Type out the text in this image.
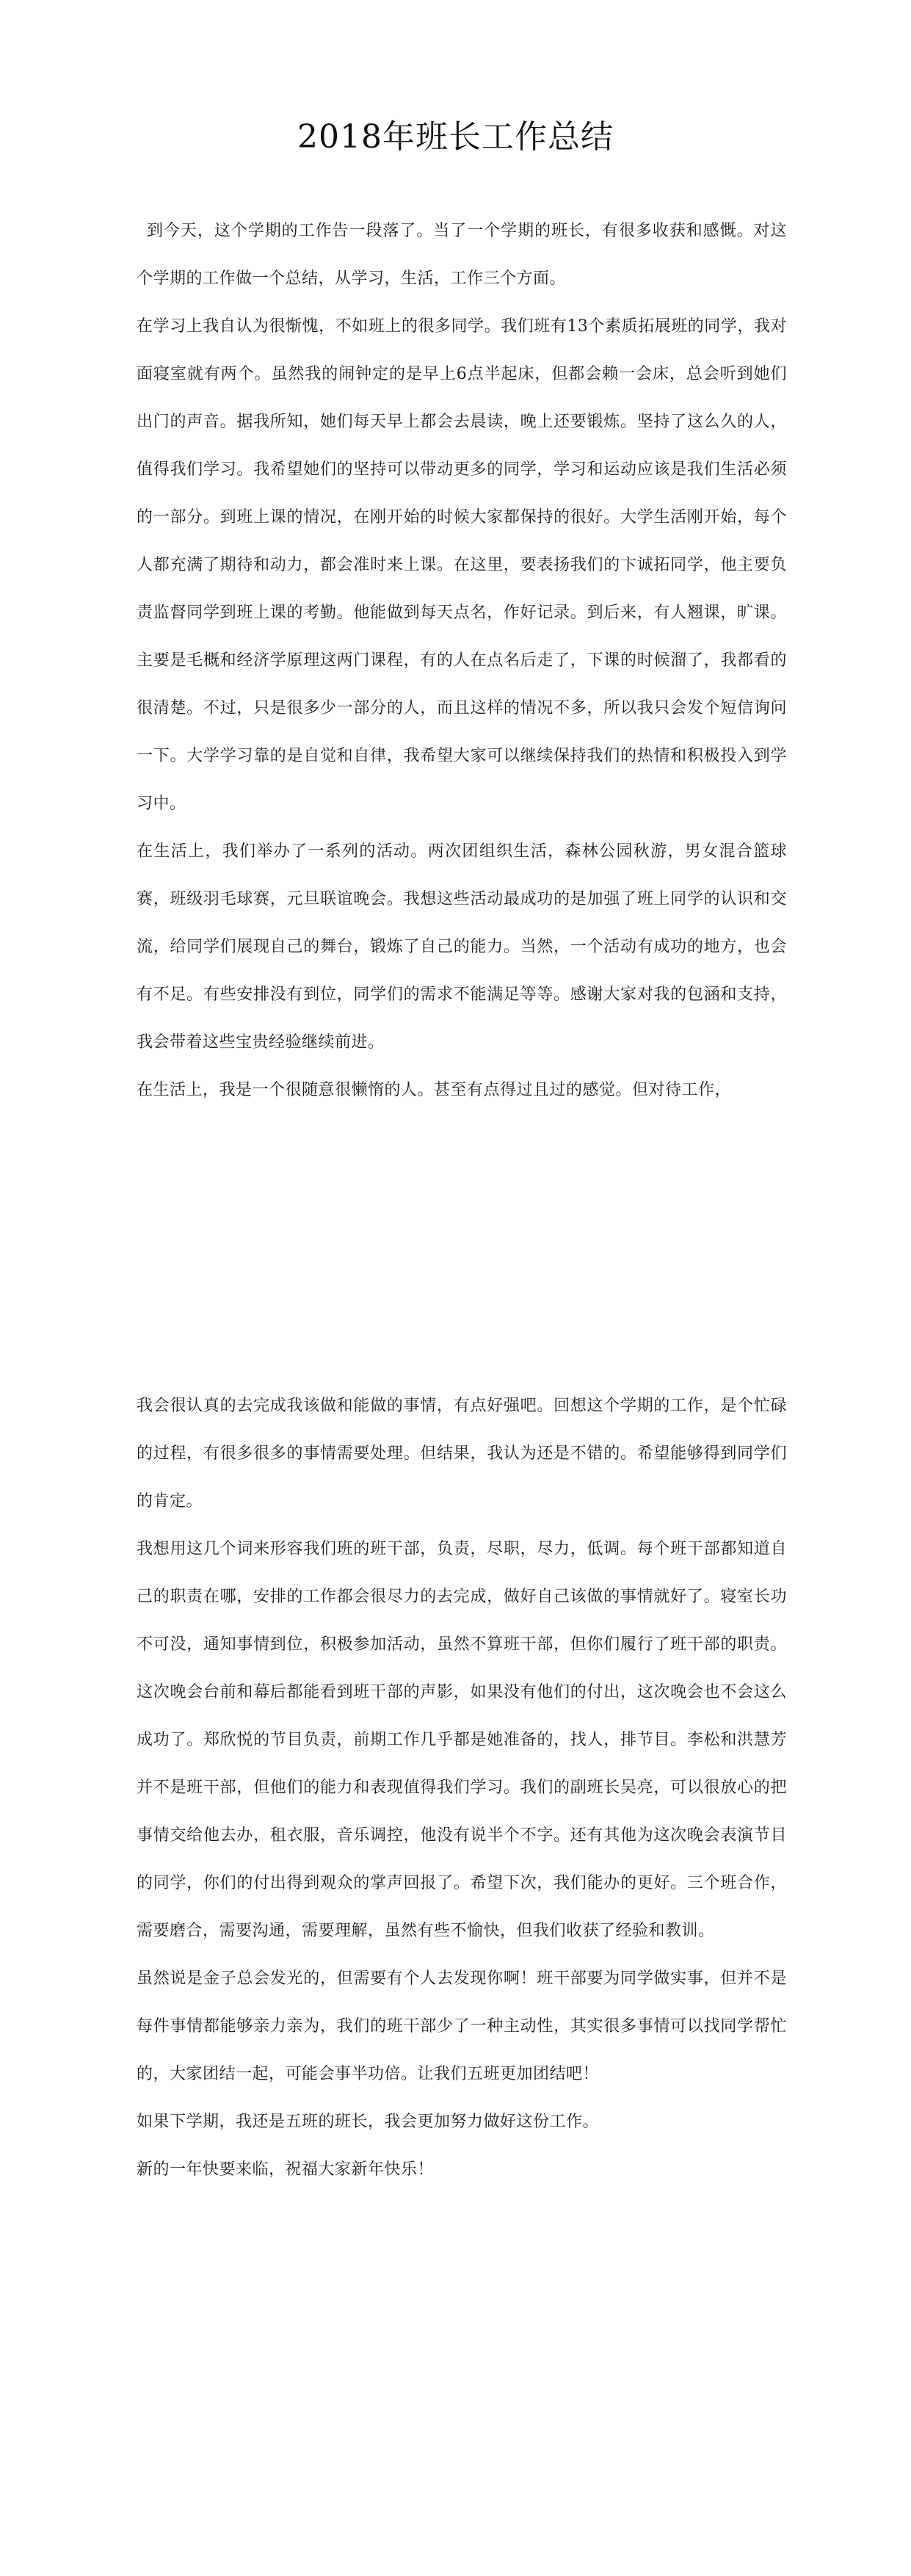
2018年班长工作总结

到今天，这个学期的工作告一段落了。当了一个学期的班长，有很多收获和感慨。对这个学期的工作做一个总结，从学习，生活，工作三个方面。

在学习上我自认为很惭愧，不如班上的很多同学。我们班有13个素质拓展班的同学，我对面寝室就有两个。虽然我的闹钟定的是早上6点半起床，但都会赖一会床，总会听到她们出门的声音。据我所知，她们每天早上都会去晨读，晚上还要锻炼。坚持了这么久的人，值得我们学习。我希望她们的坚持可以带动更多的同学，学习和运动应该是我们生活必须的一部分。到班上课的情况，在刚开始的时候大家都保持的很好。大学生活刚开始，每个人都充满了期待和动力，都会准时来上课。在这里，要表扬我们的卞诚拓同学，他主要负责监督同学到班上课的考勤。他能做到每天点名，作好记录。到后来，有人翘课，旷课。主要是毛概和经济学原理这两门课程，有的人在点名后走了，下课的时候溜了，我都看的很清楚。不过，只是很多少一部分的人，而且这样的情况不多，所以我只会发个短信询问一下。大学学习靠的是自觉和自律，我希望大家可以继续保持我们的热情和积极投入到学习中。

在生活上，我们举办了一系列的活动。两次团组织生活，森林公园秋游，男女混合篮球赛，班级羽毛球赛，元旦联谊晚会。我想这些活动最成功的是加强了班上同学的认识和交流，给同学们展现自己的舞台，锻炼了自己的能力。当然，一个活动有成功的地方，也会有不足。有些安排没有到位，同学们的需求不能满足等等。感谢大家对我的包涵和支持，我会带着这些宝贵经验继续前进。

在生活上，我是一个很随意很懒惰的人。甚至有点得过且过的感觉。但对待工作，

我会很认真的去完成我该做和能做的事情，有点好强吧。回想这个学期的工作，是个忙碌的过程，有很多很多的事情需要处理。但结果，我认为还是不错的。希望能够得到同学们的肯定。

我想用这几个词来形容我们班的班干部，负责，尽职，尽力，低调。每个班干部都知道自己的职责在哪，安排的工作都会很尽力的去完成，做好自己该做的事情就好了。寝室长功不可没，通知事情到位，积极参加活动，虽然不算班干部，但你们履行了班干部的职责。这次晚会台前和幕后都能看到班干部的声影，如果没有他们的付出，这次晚会也不会这么成功了。郑欣悦的节目负责，前期工作几乎都是她准备的，找人，排节目。李松和洪慧芳并不是班干部，但他们的能力和表现值得我们学习。我们的副班长吴亮，可以很放心的把事情交给他去办，租衣服，音乐调控，他没有说半个不字。还有其他为这次晚会表演节目的同学，你们的付出得到观众的掌声回报了。希望下次，我们能办的更好。三个班合作，需要磨合，需要沟通，需要理解，虽然有些不愉快，但我们收获了经验和教训。

虽然说是金子总会发光的，但需要有个人去发现你啊！班干部要为同学做实事，但并不是每件事情都能够亲力亲为，我们的班干部少了一种主动性，其实很多事情可以找同学帮忙的，大家团结一起，可能会事半功倍。让我们五班更加团结吧！

如果下学期，我还是五班的班长，我会更加努力做好这份工作。

新的一年快要来临，祝福大家新年快乐！
